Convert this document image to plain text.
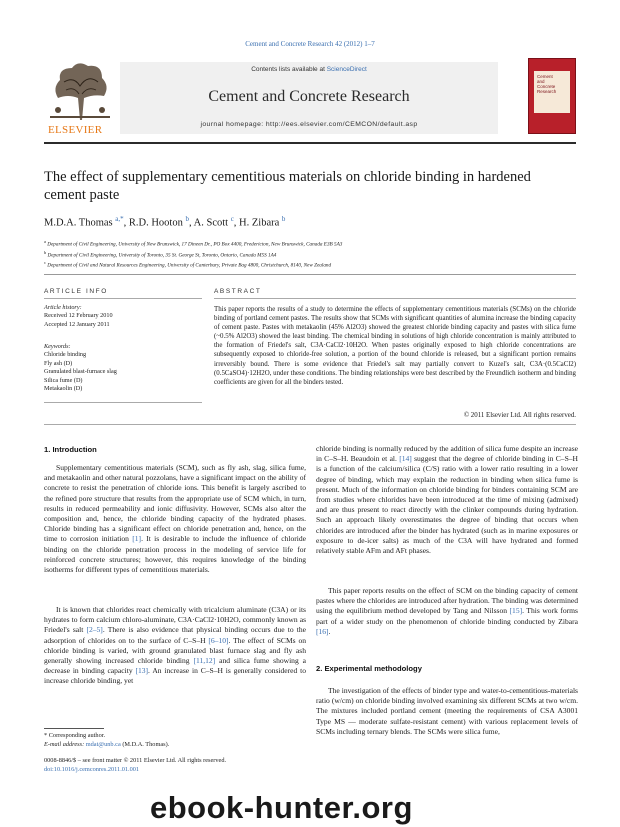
Cement and Concrete Research 42 (2012) 1–7
ELSEVIER
Contents lists available at ScienceDirect
Cement and Concrete Research
journal homepage: http://ees.elsevier.com/CEMCON/default.asp
Cement
and
Concrete
Research
The effect of supplementary cementitious materials on chloride binding in hardened cement paste
M.D.A. Thomas $^{a,*}$, R.D. Hooton $^b$, A. Scott $^c$, H. Zibara $^b$
$^a$ Department of Civil Engineering, University of New Brunswick, 17 Dineen Dr., PO Box 4400, Fredericton, New Brunswick, Canada E3B 5A3
$^b$ Department of Civil Engineering, University of Toronto, 35 St. George St, Toronto, Ontario, Canada M5S 1A4
$^c$ Department of Civil and Natural Resources Engineering, University of Canterbury, Private Bag 4800, Christchurch, 8140, New Zealand
ARTICLE INFO	ABSTRACT
Article history:
Received 12 February 2010
Accepted 12 January 2011
Keywords:
Chloride binding
Fly ash (D)
Granulated blast-furnace slag
Silica fume (D)
Metakaolin (D)
This paper reports the results of a study to determine the effects of supplementary cementitious materials (SCMs) on the chloride binding of portland cement pastes. The results show that SCMs with significant quantities of alumina increase the binding capacity of cement paste. Pastes with metakaolin (45% Al2O3) showed the greatest chloride binding capacity and pastes with silica fume (~0.5% Al2O3) showed the least binding. The chemical binding in solutions of high chloride concentration is mainly attributed to the formation of Friedel's salt, C3A·CaCl2·10H2O. When pastes originally exposed to high chloride concentrations are subsequently exposed to chloride-free solution, a portion of the bound chloride is released, but a significant portion remains irreversibly bound. There is some evidence that Friedel's salt may partially convert to Kuzel's salt, C3A·(0.5CaCl2)(0.5CaSO4)·12H2O, under these conditions. The binding relationships were best described by the Freundlich isotherm and binding coefficients are given for all the binders tested.
© 2011 Elsevier Ltd. All rights reserved.
1. Introduction
Supplementary cementitious materials (SCM), such as fly ash, slag, silica fume, and metakaolin and other natural pozzolans, have a significant impact on the ability of concrete to resist the penetration of chloride ions. This benefit is largely ascribed to the refined pore structure that results from the appropriate use of SCM which, in turn, results in reduced permeability and ionic diffusivity. However, SCMs also alter the composition and, hence, the chloride binding capacity of the hydrated phases. Chloride binding has a significant effect on chloride penetration and, hence, on the time to corrosion initiation [1]. It is desirable to include the influence of chloride binding on the chloride penetration process in the modeling of service life for reinforced concrete structures; however, this requires knowledge of the binding isotherms for different types of cementitious materials.
It is known that chlorides react chemically with tricalcium aluminate (C3A) or its hydrates to form calcium chloro-aluminate, C3A·CaCl2·10H2O, commonly known as Friedel's salt [2–5]. There is also evidence that physical binding occurs due to the adsorption of chlorides on to the surface of C–S–H [6–10]. The effect of SCMs on chloride binding is varied, with ground granulated blast furnace slag and fly ash generally showing increased chloride binding [11,12] and silica fume showing a decrease in binding capacity [13]. An increase in C–S–H is generally considered to increase chloride binding, yet
* Corresponding author.
E-mail address: mdat@unb.ca (M.D.A. Thomas).
0008-8846/$ – see front matter © 2011 Elsevier Ltd. All rights reserved.
doi:10.1016/j.cemconres.2011.01.001
chloride binding is normally reduced by the addition of silica fume despite an increase in C–S–H. Beaudoin et al. [14] suggest that the degree of chloride binding in C–S–H is a function of the calcium/silica (C/S) ratio with a lower ratio resulting in a lower degree of binding, which may explain the reduction in binding when silica fume is present. Much of the information on chloride binding for binders containing SCM are from studies where chlorides have been introduced at the time of mixing (admixed) and are thus present to react directly with the clinker compounds during hydration. Such an approach likely overestimates the degree of binding that occurs when chlorides are introduced after the binder has hydrated (such as in marine exposures or exposure to de-icer salts) as much of the C3A will have hydrated and formed relatively stable AFm and AFt phases.
This paper reports results on the effect of SCM on the binding capacity of cement pastes where the chlorides are introduced after hydration. The binding was determined using the equilibrium method developed by Tang and Nilsson [15]. This work forms part of a wider study on the phenomenon of chloride binding conducted by Zibara [16].
2. Experimental methodology
The investigation of the effects of binder type and water-to-cementitious-materials ratio (w/cm) on chloride binding involved examining six different SCMs at two w/cm. The mixtures included portland cement (meeting the requirements of CSA A3001 Type MS — moderate sulfate-resistant cement) with various replacement levels of SCMs including ternary blends. The SCMs were silica fume,
ebook-hunter.org
